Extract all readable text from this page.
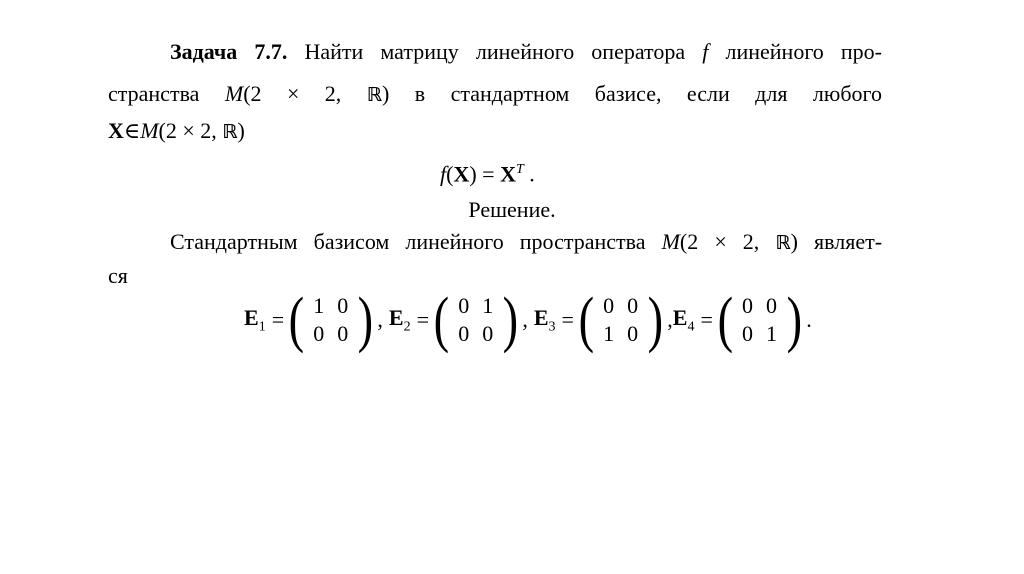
Задача 7.7. Найти матрицу линейного оператора f линейного про-
странства M(2 × 2, ℝ) в стандартном базисе, если для любого
X∈M(2 × 2, ℝ)
$f(X) = X^T$ .
Решение.
Стандартным базисом линейного пространства M(2 × 2, ℝ) являет-
ся
$E_1$ = ( 1 0
0 0 ) , $E_2$ = ( 0 1
0 0 ) , $E_3$ = ( 0 0
1 0 ) , $E_4$ = ( 0 0
0 1 ) .
